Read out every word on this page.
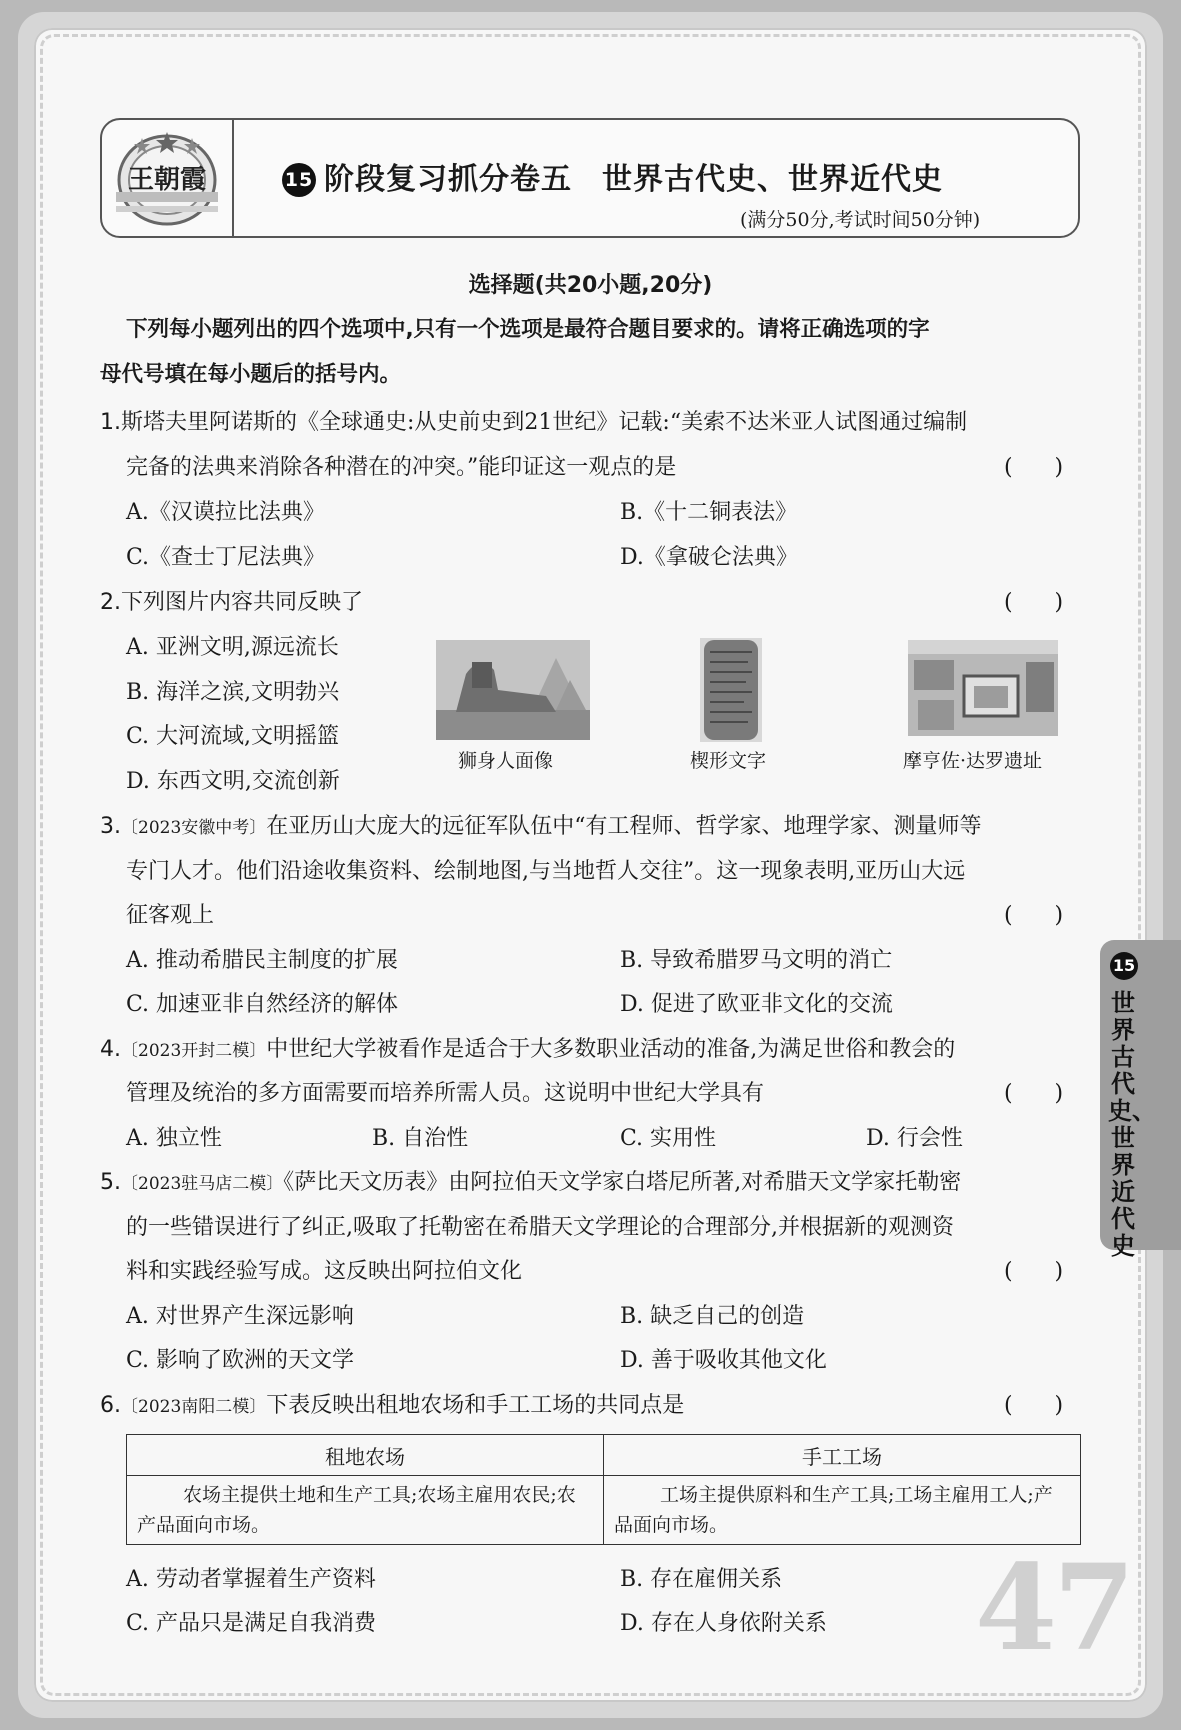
王朝霞	15 阶段复习抓分卷五 世界古代史、世界近代史
(满分50分,考试时间50分钟)
选择题(共20小题,20分)
下列每小题列出的四个选项中,只有一个选项是最符合题目要求的。请将正确选项的字
母代号填在每小题后的括号内。
1.斯塔夫里阿诺斯的《全球通史:从史前史到21世纪》记载:“美索不达米亚人试图通过编制
完备的法典来消除各种潜在的冲突。”能印证这一观点的是	(      )
A.《汉谟拉比法典》	B.《十二铜表法》
C.《查士丁尼法典》	D.《拿破仑法典》
2.下列图片内容共同反映了	(      )
A. 亚洲文明,源远流长
B. 海洋之滨,文明勃兴
C. 大河流域,文明摇篮
D. 东西文明,交流创新
狮身人面像	楔形文字	摩亨佐·达罗遗址
3.〔2023安徽中考〕在亚历山大庞大的远征军队伍中“有工程师、哲学家、地理学家、测量师等
专门人才。他们沿途收集资料、绘制地图,与当地哲人交往”。这一现象表明,亚历山大远
征客观上	(      )
A. 推动希腊民主制度的扩展	B. 导致希腊罗马文明的消亡
C. 加速亚非自然经济的解体	D. 促进了欧亚非文化的交流
4.〔2023开封二模〕中世纪大学被看作是适合于大多数职业活动的准备,为满足世俗和教会的
管理及统治的多方面需要而培养所需人员。这说明中世纪大学具有	(      )
A. 独立性	B. 自治性	C. 实用性	D. 行会性
5.〔2023驻马店二模〕《萨比天文历表》由阿拉伯天文学家白塔尼所著,对希腊天文学家托勒密
的一些错误进行了纠正,吸取了托勒密在希腊天文学理论的合理部分,并根据新的观测资
料和实践经验写成。这反映出阿拉伯文化	(      )
A. 对世界产生深远影响	B. 缺乏自己的创造
C. 影响了欧洲的天文学	D. 善于吸收其他文化
6.〔2023南阳二模〕下表反映出租地农场和手工工场的共同点是	(      )
租地农场	手工工场
农场主提供土地和生产工具;农场主雇用农民;农产品面向市场。	工场主提供原料和生产工具;工场主雇用工人;产品面向市场。
A. 劳动者掌握着生产资料	B. 存在雇佣关系
C. 产品只是满足自我消费	D. 存在人身依附关系
15
世界古代史、世界近代史
47
